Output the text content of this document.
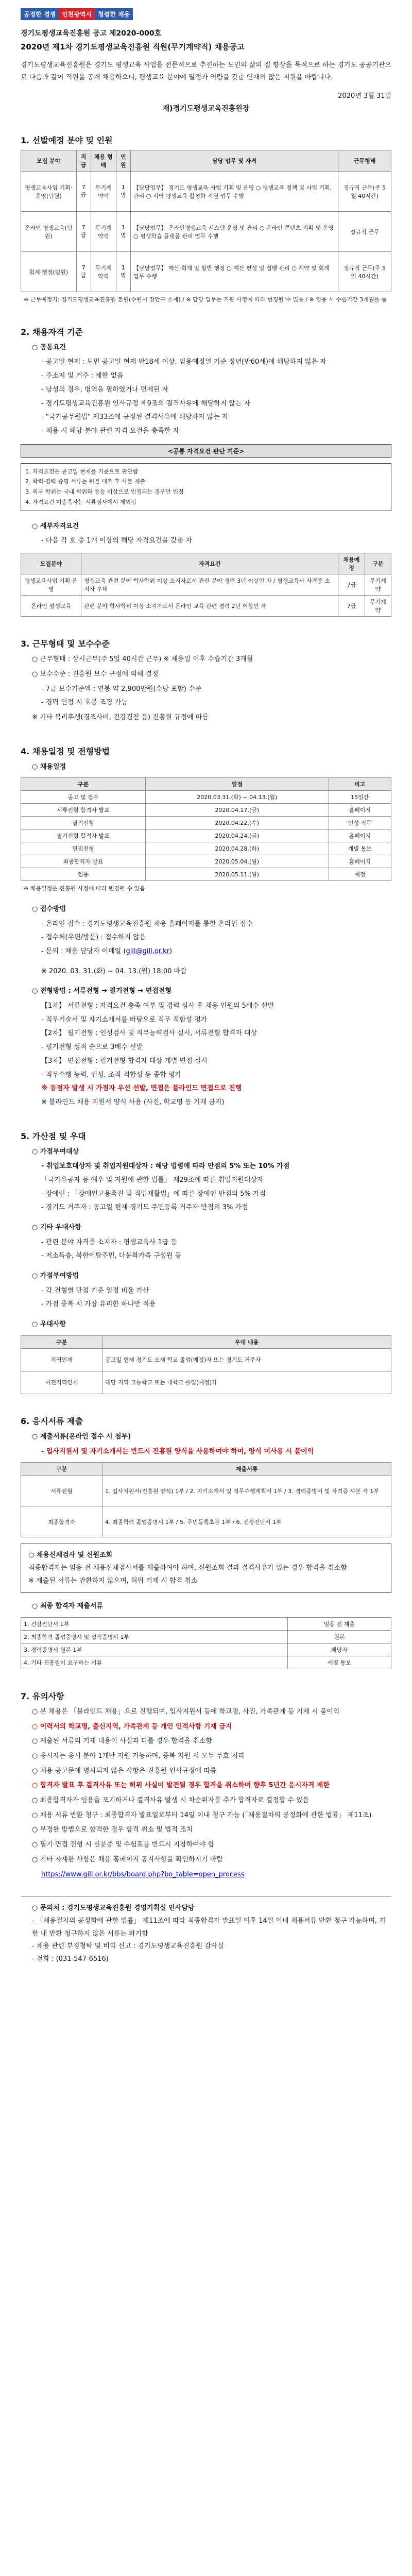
공정한 경쟁	인천광역시	청렴한 채용
경기도평생교육진흥원 공고 제2020-000호
2020년 제1차 경기도평생교육진흥원 직원(무기계약직) 채용공고
경기도평생교육진흥원은 경기도 평생교육 사업을 전문적으로 추진하는 도민의 삶의 질 향상을 목적으로 하는 경기도 공공기관으로 다음과 같이 직원을 공개 채용하오니, 평생교육 분야에 열정과 역량을 갖춘 인재의 많은 지원을 바랍니다.
2020년 3월 31일
재)경기도평생교육진흥원장
1. 선발예정 분야 및 인원
모집 분야	직급	채용 형태	인원	담당 업무 및 자격	근무형태
평생교육사업 기획·운영(팀원)	7급	무기계약직	1명	【담당업무】 경기도 평생교육 사업 기획 및 운영 ○ 평생교육 정책 및 사업 기획, 관리 ○ 지역 평생교육 활성화 지원 업무 수행	정규직 근무(주 5일 40시간)
온라인 평생교육(팀원)	7급	무기계약직	1명	【담당업무】 온라인평생교육 시스템 운영 및 관리 ○ 온라인 콘텐츠 기획 및 운영 ○ 평생학습 플랫폼 관리 업무 수행	정규직 근무
회계·행정(팀원)	7급	무기계약직	1명	【담당업무】 예산·회계 및 일반 행정 ○ 예산 편성 및 집행 관리 ○ 계약 및 회계 업무 수행	정규직 근무(주 5일 40시간)
※ 근무예정지: 경기도평생교육진흥원 본원(수원시 장안구 소재) / ※ 담당 업무는 기관 사정에 따라 변경될 수 있음 / ※ 임용 시 수습기간 3개월을 둠
2. 채용자격 기준
○ 공통요건
- 공고일 현재 : 도민 공고일 현재 만18세 이상, 임용예정일 기준 정년(만60세)에 해당하지 않은 자
- 주소지 및 거주 : 제한 없음
- 남성의 경우, 병역을 필하였거나 면제된 자
- 경기도평생교육진흥원 인사규정 제9조의 결격사유에 해당하지 않는 자
- "국가공무원법" 제33조에 규정된 결격사유에 해당하지 않는 자
- 채용 시 해당 분야 관련 자격 요건을 충족한 자
<공통 자격요건 판단 기준>
1. 자격요건은 공고일 현재를 기준으로 판단함
2. 학력·경력 증명 서류는 원본 대조 후 사본 제출
3. 외국 학위는 국내 학위와 동등 이상으로 인정되는 경우만 인정
4. 자격요건 미충족자는 서류심사에서 제외됨
○ 세부자격요건
- 다음 각 호 중 1개 이상의 해당 자격요건을 갖춘 자
모집분야	자격요건	채용예정	구분
평생교육사업 기획·운영	평생교육 관련 분야 학사학위 이상 소지자로서 관련 분야 경력 3년 이상인 자 / 평생교육사 자격증 소지자 우대	7급	무기계약
온라인 평생교육	관련 분야 학사학위 이상 소지자로서 온라인 교육 관련 경력 2년 이상인 자	7급	무기계약
3. 근무형태 및 보수수준
○ 근무형태 : 상시근무(주 5일 40시간 근무) ※ 채용일 이후 수습기간 3개월
○ 보수수준 : 진흥원 보수 규정에 의해 결정
- 7급 보수기준액 : 연봉 약 2,900만원(수당 포함) 수준
- 경력 인정 시 호봉 조정 가능
※ 기타 복리후생(경조사비, 건강검진 등) 진흥원 규정에 따름
4. 채용일정 및 전형방법
○ 채용일정
구분	일정	비고
공고 및 접수	2020.03.31.(화) ~ 04.13.(월)	15일간
서류전형 합격자 발표	2020.04.17.(금)	홈페이지
필기전형	2020.04.22.(수)	인성·직무
필기전형 합격자 발표	2020.04.24.(금)	홈페이지
면접전형	2020.04.28.(화)	개별 통보
최종합격자 발표	2020.05.04.(월)	홈페이지
임용	2020.05.11.(월)	예정
※ 채용일정은 진흥원 사정에 따라 변경될 수 있음
○ 접수방법
- 온라인 접수 : 경기도평생교육진흥원 채용 홈페이지를 통한 온라인 접수
- 접수처(우편/방문) : 접수하지 않음
- 문의 : 채용 담당자 이메일 (gill@gill.or.kr)
※ 2020. 03. 31.(화) ~ 04. 13.(월) 18:00 마감
○ 전형방법 : 서류전형 → 필기전형 → 면접전형
【1차】 서류전형 : 자격요건 충족 여부 및 경력 심사 후 채용 인원의 5배수 선발
- 직무기술서 및 자기소개서를 바탕으로 직무 적합성 평가
【2차】 필기전형 : 인성검사 및 직무능력검사 실시, 서류전형 합격자 대상
- 필기전형 성적 순으로 3배수 선발
【3차】 면접전형 : 필기전형 합격자 대상 개별 면접 실시
- 직무수행 능력, 인성, 조직 적합성 등 종합 평가
※ 동점자 발생 시 가점자 우선 선발, 면접은 블라인드 면접으로 진행
※ 블라인드 채용 지원서 양식 사용 (사진, 학교명 등 기재 금지)
5. 가산점 및 우대
○ 가점부여대상
- 취업보호대상자 및 취업지원대상자 : 해당 법령에 따라 만점의 5% 또는 10% 가점
「국가유공자 등 예우 및 지원에 관한 법률」 제29조에 따른 취업지원대상자
- 장애인 : 「장애인고용촉진 및 직업재활법」에 따른 장애인 만점의 5% 가점
- 경기도 거주자 : 공고일 현재 경기도 주민등록 거주자 만점의 3% 가점
○ 기타 우대사항
- 관련 분야 자격증 소지자 : 평생교육사 1급 등
- 저소득층, 북한이탈주민, 다문화가족 구성원 등
○ 가점부여방법
- 각 전형별 만점 기준 일정 비율 가산
- 가점 중복 시 가장 유리한 하나만 적용
○ 우대사항
구분	우대 내용
지역인재	공고일 현재 경기도 소재 학교 졸업(예정)자 또는 경기도 거주자
이전지역인재	해당 지역 고등학교 또는 대학교 졸업(예정)자
6. 응시서류 제출
○ 제출서류(온라인 접수 시 첨부)
- 입사지원서 및 자기소개서는 반드시 진흥원 양식을 사용하여야 하며, 양식 미사용 시 불이익
구분	제출서류
서류전형	1. 입사지원서(진흥원 양식) 1부 / 2. 자기소개서 및 직무수행계획서 1부 / 3. 경력증명서 및 자격증 사본 각 1부
최종합격자	4. 최종학력 졸업증명서 1부 / 5. 주민등록초본 1부 / 6. 건강진단서 1부
○ 채용신체검사 및 신원조회
최종합격자는 임용 전 채용신체검사서를 제출하여야 하며, 신원조회 결과 결격사유가 있는 경우 합격을 취소함
※ 제출된 서류는 반환하지 않으며, 허위 기재 시 합격 취소
○ 최종 합격자 제출서류
1. 건강진단서 1부	임용 전 제출
2. 최종학력 졸업증명서 및 성적증명서 1부	원본
3. 경력증명서 원본 1부	해당자
4. 기타 진흥원이 요구하는 서류	개별 통보
7. 유의사항
○ 본 채용은 「블라인드 채용」으로 진행되며, 입사지원서 등에 학교명, 사진, 가족관계 등 기재 시 불이익
○ 이력서의 학교명, 출신지역, 가족관계 등 개인 인적사항 기재 금지
○ 제출된 서류의 기재 내용이 사실과 다를 경우 합격을 취소함
○ 응시자는 응시 분야 1개만 지원 가능하며, 중복 지원 시 모두 무효 처리
○ 채용 공고문에 명시되지 않은 사항은 진흥원 인사규정에 따름
○ 합격자 발표 후 결격사유 또는 허위 사실이 발견될 경우 합격을 취소하며 향후 5년간 응시자격 제한
○ 최종합격자가 임용을 포기하거나 결격사유 발생 시 차순위자를 추가 합격자로 결정할 수 있음
○ 채용 서류 반환 청구 : 최종합격자 발표일로부터 14일 이내 청구 가능 (「채용절차의 공정화에 관한 법률」 제11조)
○ 부정한 방법으로 합격한 경우 합격 취소 및 법적 조치
○ 필기·면접 전형 시 신분증 및 수험표를 반드시 지참하여야 함
○ 기타 자세한 사항은 채용 홈페이지 공지사항을 확인하시기 바람
https://www.gill.or.kr/bbs/board.php?bo_table=open_process
○ 문의처 : 경기도평생교육진흥원 경영기획실 인사담당
- 「채용절차의 공정화에 관한 법률」 제11조에 따라 최종합격자 발표일 이후 14일 이내 채용서류 반환 청구 가능하며, 기한 내 반환 청구하지 않은 서류는 파기함
- 채용 관련 부정청탁 및 비리 신고 : 경기도평생교육진흥원 감사실
- 전화 : (031-547-6516)
